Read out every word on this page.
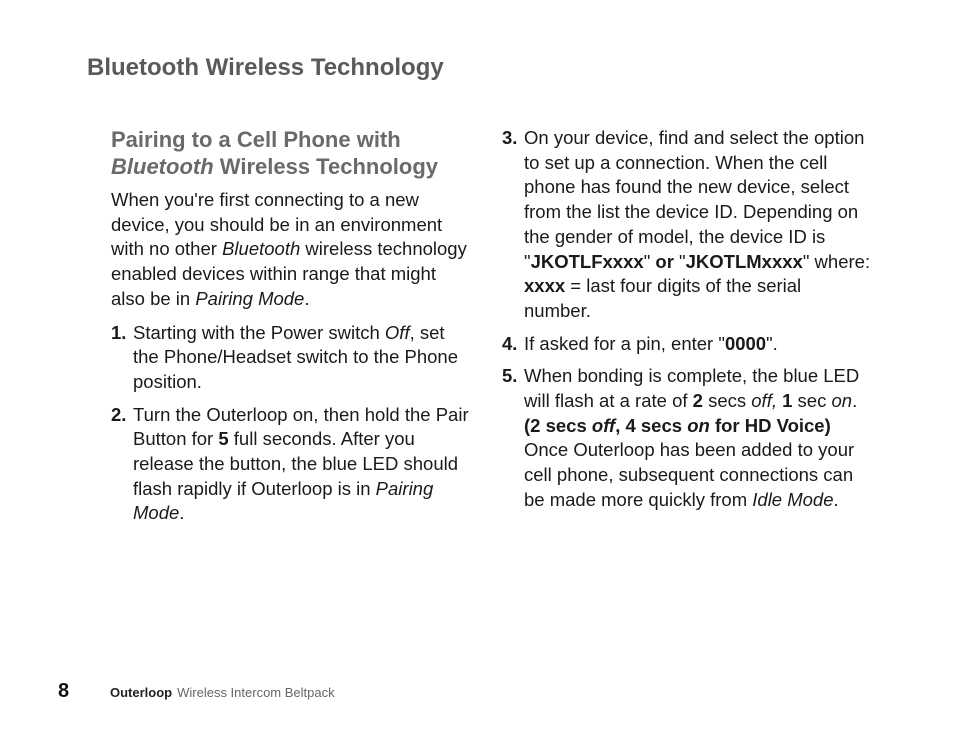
Bluetooth Wireless Technology
Pairing to a Cell Phone with
Bluetooth Wireless Technology

When you're first connecting to a new device, you should be in an environment with no other Bluetooth wireless technology enabled devices within range that might also be in Pairing Mode.

1. Starting with the Power switch Off, set the Phone/Headset switch to the Phone position.
2. Turn the Outerloop on, then hold the Pair Button for 5 full seconds. After you release the button, the blue LED should flash rapidly if Outerloop is in Pairing Mode.
3. On your device, find and select the option to set up a connection. When the cell phone has found the new device, select from the list the device ID. Depending on the gender of model, the device ID is "JKOTLFxxxx" or "JKOTLMxxxx" where: xxxx = last four digits of the serial number.
4. If asked for a pin, enter "0000".
5. When bonding is complete, the blue LED will flash at a rate of 2 secs off, 1 sec on. (2 secs off, 4 secs on for HD Voice) Once Outerloop has been added to your cell phone, subsequent connections can be made more quickly from Idle Mode.
8	Outerloop Wireless Intercom Beltpack
